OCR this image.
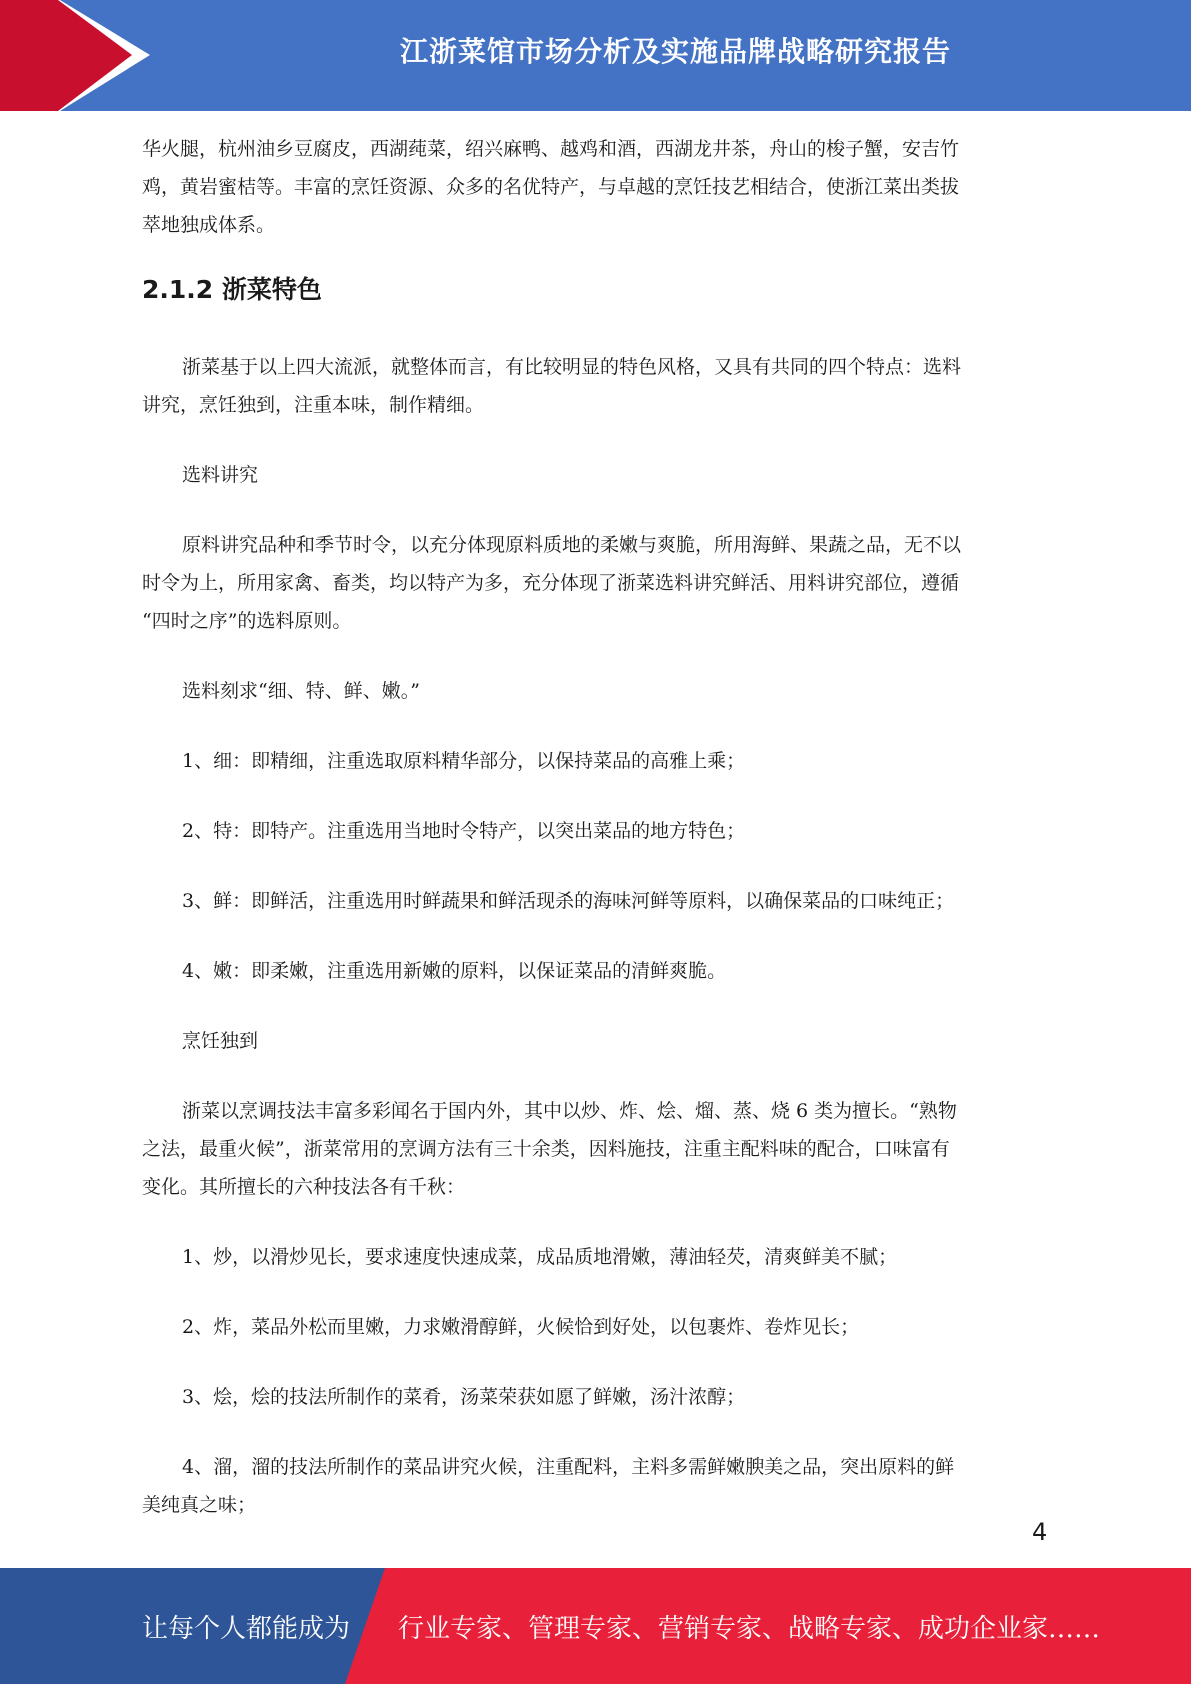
江浙菜馆市场分析及实施品牌战略研究报告

华火腿，杭州油乡豆腐皮，西湖莼菜，绍兴麻鸭、越鸡和酒，西湖龙井茶，舟山的梭子蟹，安吉竹

鸡，黄岩蜜桔等。丰富的烹饪资源、众多的名优特产，与卓越的烹饪技艺相结合，使浙江菜出类拔

萃地独成体系。

2.1.2 浙菜特色

浙菜基于以上四大流派，就整体而言，有比较明显的特色风格，又具有共同的四个特点：选料

讲究，烹饪独到，注重本味，制作精细。

选料讲究

原料讲究品种和季节时令，以充分体现原料质地的柔嫩与爽脆，所用海鲜、果蔬之品，无不以

时令为上，所用家禽、畜类，均以特产为多，充分体现了浙菜选料讲究鲜活、用料讲究部位，遵循

“四时之序”的选料原则。

选料刻求“细、特、鲜、嫩。”

1、细：即精细，注重选取原料精华部分，以保持菜品的高雅上乘；

2、特：即特产。注重选用当地时令特产，以突出菜品的地方特色；

3、鲜：即鲜活，注重选用时鲜蔬果和鲜活现杀的海味河鲜等原料，以确保菜品的口味纯正；

4、嫩：即柔嫩，注重选用新嫩的原料，以保证菜品的清鲜爽脆。

烹饪独到

浙菜以烹调技法丰富多彩闻名于国内外，其中以炒、炸、烩、熘、蒸、烧 6 类为擅长。“熟物

之法，最重火候”，浙菜常用的烹调方法有三十余类，因料施技，注重主配料味的配合，口味富有

变化。其所擅长的六种技法各有千秋：

1、炒，以滑炒见长，要求速度快速成菜，成品质地滑嫩，薄油轻芡，清爽鲜美不腻；

2、炸，菜品外松而里嫩，力求嫩滑醇鲜，火候恰到好处，以包裹炸、卷炸见长；

3、烩，烩的技法所制作的菜肴，汤菜荣获如愿了鲜嫩，汤汁浓醇；

4、溜，溜的技法所制作的菜品讲究火候，注重配料，主料多需鲜嫩腴美之品，突出原料的鲜

美纯真之味；

4
让每个人都能成为 行业专家、管理专家、营销专家、战略专家、成功企业家……
